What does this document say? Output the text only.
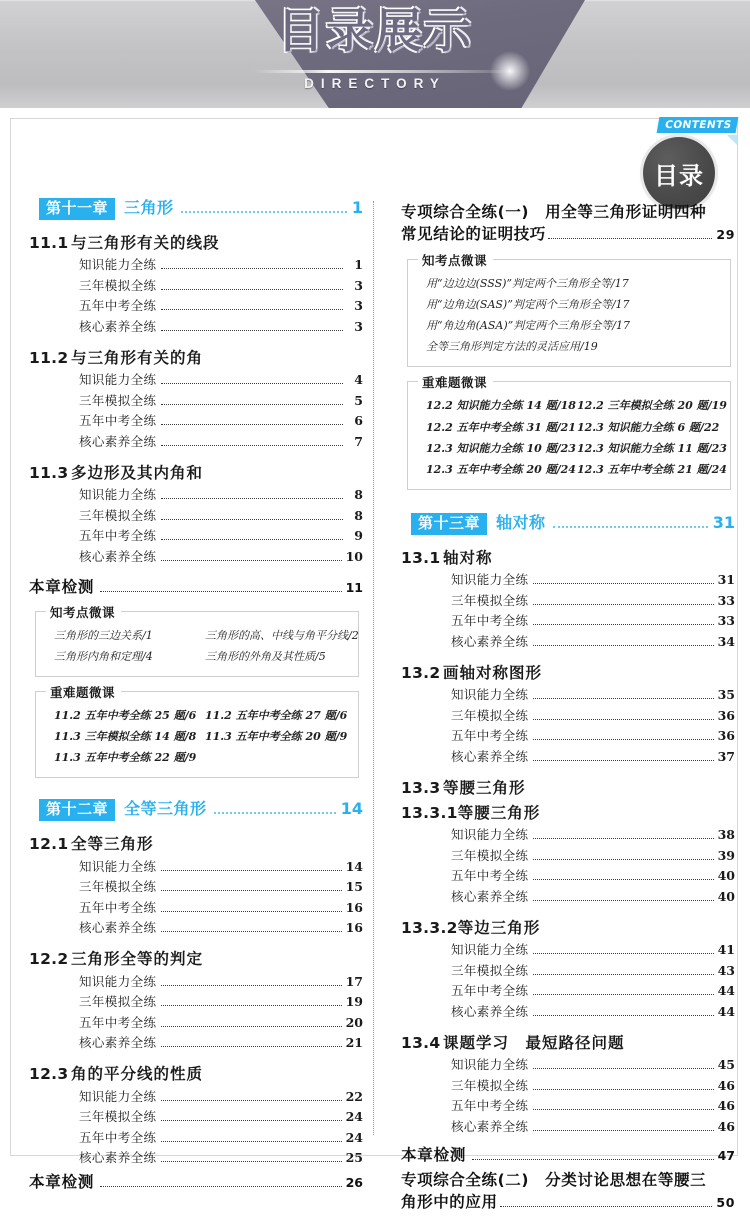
目录展示
DIRECTORY
CONTENTS
目录
第十一章	三角形	1
11.1 与三角形有关的线段
知识能力全练	1
三年模拟全练	3
五年中考全练	3
核心素养全练	3
11.2 与三角形有关的角
知识能力全练	4
三年模拟全练	5
五年中考全练	6
核心素养全练	7
11.3 多边形及其内角和
知识能力全练	8
三年模拟全练	8
五年中考全练	9
核心素养全练	10
本章检测	11
知考点微课
三角形的三边关系/1	三角形的高、中线与角平分线/2
三角形内角和定理/4	三角形的外角及其性质/5
重难题微课
11.2 五年中考全练 25 题/6 11.2 五年中考全练 27 题/6
11.3 三年模拟全练 14 题/8 11.3 五年中考全练 20 题/9
11.3 五年中考全练 22 题/9
第十二章	全等三角形	14
12.1 全等三角形
知识能力全练	14
三年模拟全练	15
五年中考全练	16
核心素养全练	16
12.2 三角形全等的判定
知识能力全练	17
三年模拟全练	19
五年中考全练	20
核心素养全练	21
12.3 角的平分线的性质
知识能力全练	22
三年模拟全练	24
五年中考全练	24
核心素养全练	25
本章检测	26
专项综合全练(一)　用全等三角形证明四种
常见结论的证明技巧	29
知考点微课
用“边边边(SSS)”判定两个三角形全等/17
用“边角边(SAS)”判定两个三角形全等/17
用“角边角(ASA)”判定两个三角形全等/17
全等三角形判定方法的灵活应用/19
重难题微课
12.2 知识能力全练 14 题/18 12.2 三年模拟全练 20 题/19
12.2 五年中考全练 31 题/21 12.3 知识能力全练 6 题/22
12.3 知识能力全练 10 题/23 12.3 知识能力全练 11 题/23
12.3 五年中考全练 20 题/24 12.3 五年中考全练 21 题/24
第十三章	轴对称	31
13.1 轴对称
知识能力全练	31
三年模拟全练	33
五年中考全练	33
核心素养全练	34
13.2 画轴对称图形
知识能力全练	35
三年模拟全练	36
五年中考全练	36
核心素养全练	37
13.3 等腰三角形
13.3.1 等腰三角形
知识能力全练	38
三年模拟全练	39
五年中考全练	40
核心素养全练	40
13.3.2 等边三角形
知识能力全练	41
三年模拟全练	43
五年中考全练	44
核心素养全练	44
13.4 课题学习　最短路径问题
知识能力全练	45
三年模拟全练	46
五年中考全练	46
核心素养全练	46
本章检测	47
专项综合全练(二)　分类讨论思想在等腰三
角形中的应用	50
